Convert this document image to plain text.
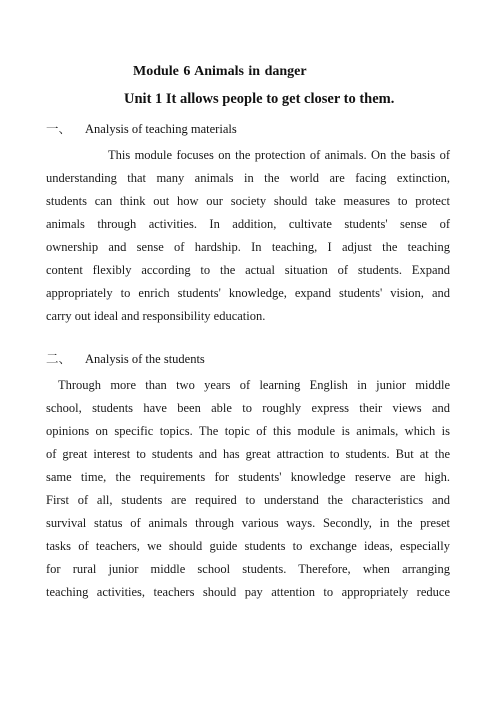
Module 6 Animals in danger
Unit 1 It allows people to get closer to them.
一、 Analysis of teaching materials
This module focuses on the protection of animals. On the basis of
understanding that many animals in the world are facing extinction,
students can think out how our society should take measures to protect
animals through activities. In addition, cultivate students' sense of
ownership and sense of hardship. In teaching, I adjust the teaching
content flexibly according to the actual situation of students. Expand
appropriately to enrich students' knowledge, expand students' vision, and
carry out ideal and responsibility education.
二、 Analysis of the students
Through more than two years of learning English in junior middle
school, students have been able to roughly express their views and
opinions on specific topics. The topic of this module is animals, which is
of great interest to students and has great attraction to students. But at the
same time, the requirements for students' knowledge reserve are high.
First of all, students are required to understand the characteristics and
survival status of animals through various ways. Secondly, in the preset
tasks of teachers, we should guide students to exchange ideas, especially
for rural junior middle school students. Therefore, when arranging
teaching activities, teachers should pay attention to appropriately reduce
